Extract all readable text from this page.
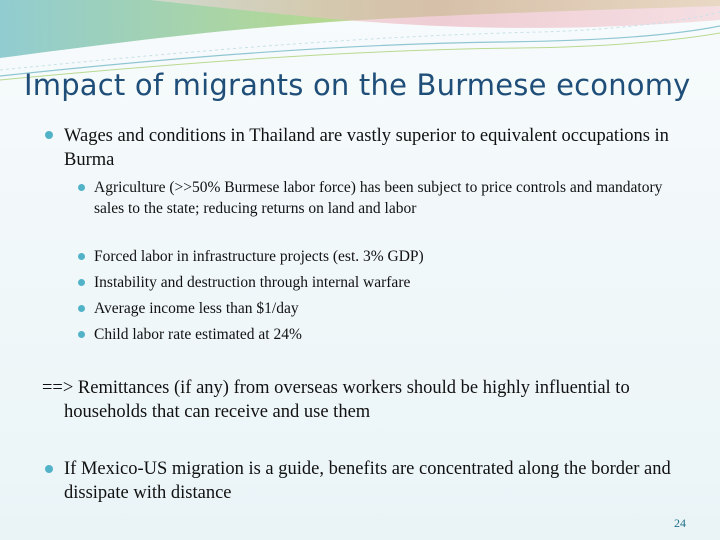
Impact of migrants on the Burmese economy
Wages and conditions in Thailand are vastly superior to equivalent occupations in Burma
Agriculture (>>50% Burmese labor force) has been subject to price controls and mandatory sales to the state; reducing returns on land and labor
Forced labor in infrastructure projects (est. 3% GDP)
Instability and destruction through internal warfare
Average income less than $1/day
Child labor rate estimated at 24%
==> Remittances (if any) from overseas workers should be highly influential to households that can receive and use them
If Mexico-US migration is a guide, benefits are concentrated along the border and dissipate with distance
24
